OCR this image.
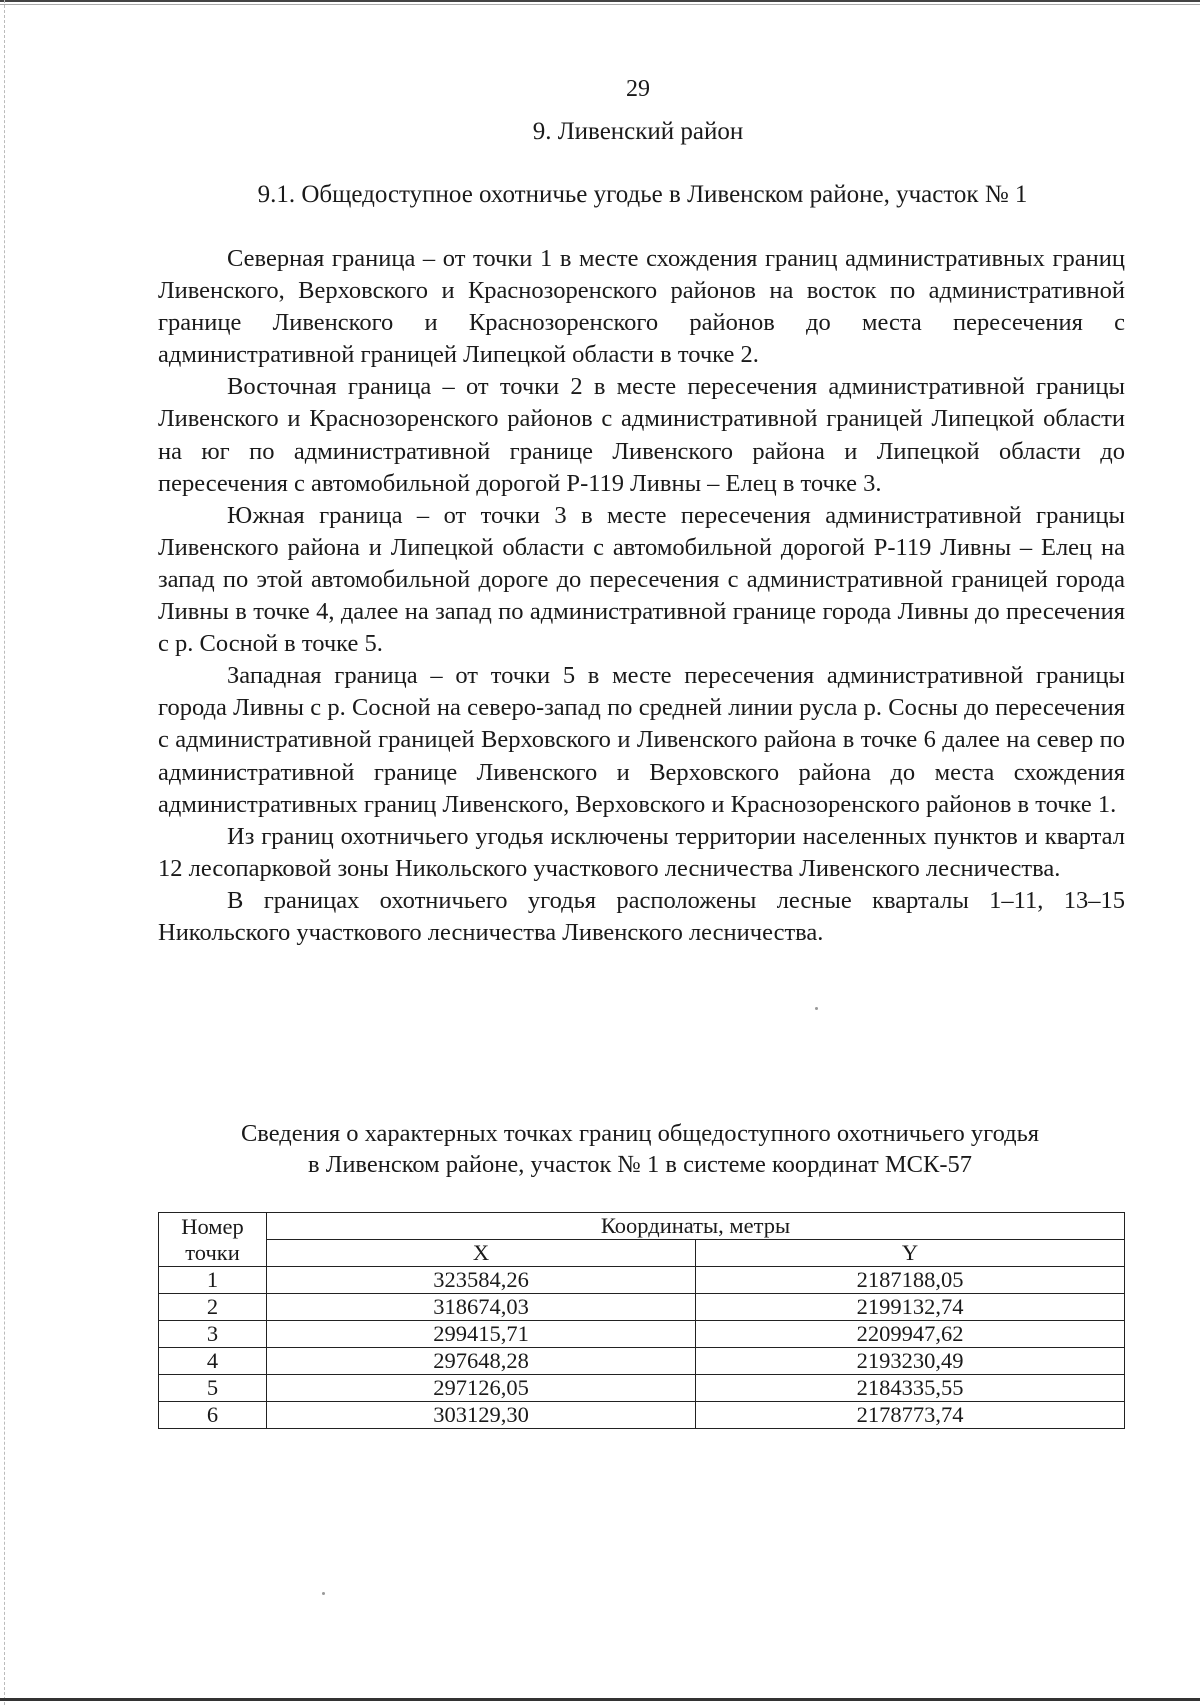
29
9. Ливенский район
9.1. Общедоступное охотничье угодье в Ливенском районе, участок № 1

Северная граница – от точки 1 в месте схождения границ административных границ Ливенского, Верховского и Краснозоренского районов на восток по административной границе Ливенского и Краснозоренского районов до места пересечения с административной границей Липецкой области в точке 2.

Восточная граница – от точки 2 в месте пересечения административной границы Ливенского и Краснозоренского районов с административной границей Липецкой области на юг по административной границе Ливенского района и Липецкой области до пересечения с автомобильной дорогой Р-119 Ливны – Елец в точке 3.

Южная граница – от точки 3 в месте пересечения административной границы Ливенского района и Липецкой области с автомобильной дорогой Р-119 Ливны – Елец на запад по этой автомобильной дороге до пересечения с административной границей города Ливны в точке 4, далее на запад по административной границе города Ливны до пресечения с р. Сосной в точке 5.

Западная граница – от точки 5 в месте пересечения административной границы города Ливны с р. Сосной на северо-запад по средней линии русла р. Сосны до пересечения с административной границей Верховского и Ливенского района в точке 6 далее на север по административной границе Ливенского и Верховского района до места схождения административных границ Ливенского, Верховского и Краснозоренского районов в точке 1.

Из границ охотничьего угодья исключены территории населенных пунктов и квартал 12 лесопарковой зоны Никольского участкового лесничества Ливенского лесничества.

В границах охотничьего угодья расположены лесные кварталы 1–11, 13–15 Никольского участкового лесничества Ливенского лесничества.

Сведения о характерных точках границ общедоступного охотничьего угодья
в Ливенском районе, участок № 1 в системе координат МСК-57
Номер
точки	Координаты, метры	
	X	Y
1	323584,26	2187188,05
2	318674,03	2199132,74
3	299415,71	2209947,62
4	297648,28	2193230,49
5	297126,05	2184335,55
6	303129,30	2178773,74
